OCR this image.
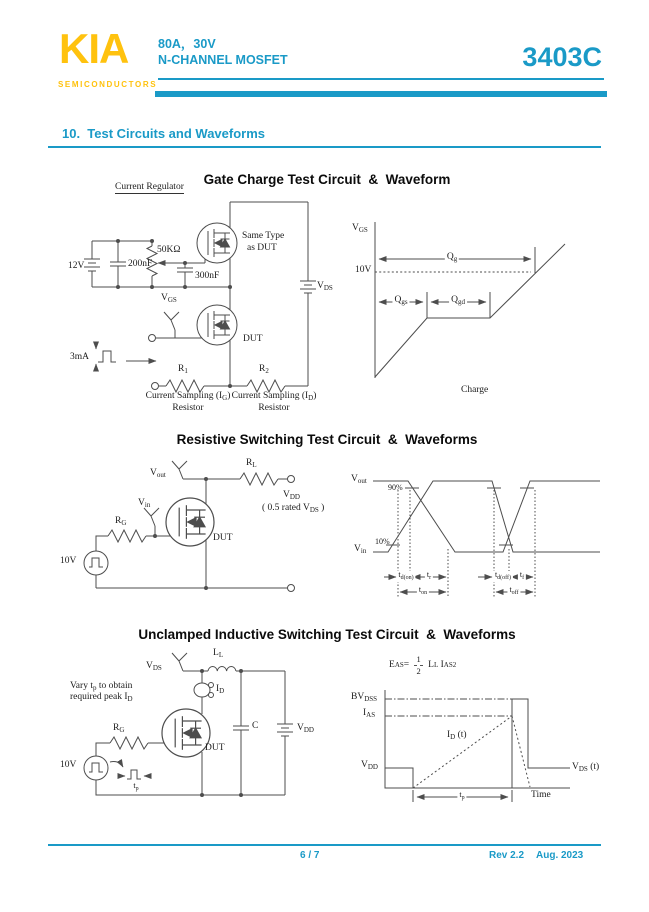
KIA
SEMICONDUCTORS
80A，30V
N-CHANNEL MOSFET	3403C
10.  Test Circuits and Waveforms
Gate Charge Test Circuit  &  Waveform
Resistive Switching Test Circuit  &  Waveforms
Unclamped Inductive Switching Test Circuit  &  Waveforms
Current Regulator
12V	200nF
50KΩ
300nF
Same Type
as DUT
$V_{DS}$
$V_{GS}$
DUT
3mA
$R_1$	$R_2$
Current Sampling $(I_G)$
Resistor
Current Sampling $(I_D)$
Resistor
$V_{GS}$
10V
$Q_g$
$Q_{gs}$	$Q_{gd}$
Charge
$V_{out}$
$R_L$
$V_{DD}$
( 0.5 rated $V_{DS}$ )
$V_{in}$
$R_G$
DUT
10V
$V_{out}$
90%
$V_{in}$
10%
$t_{d(on)}$ $t_r$
$t_{on}$
$t_{d(off)}$ $t_f$
$t_{off}$
$V_{DS}$
$L_L$
$I_D$
Vary $t_p$ to obtain
required peak $I_D$
$R_G$
DUT
10V
$t_p$
C	$V_{DD}$
E AS = $\frac{1}{2}$ L L
I AS 2
$BV_{DSS}$
$I_{AS}$
$V_{DD}$
$I_D$ (t)
$V_{DS}$ (t)
$t_p$	Time
6 / 7	Rev 2.2 Aug. 2023
